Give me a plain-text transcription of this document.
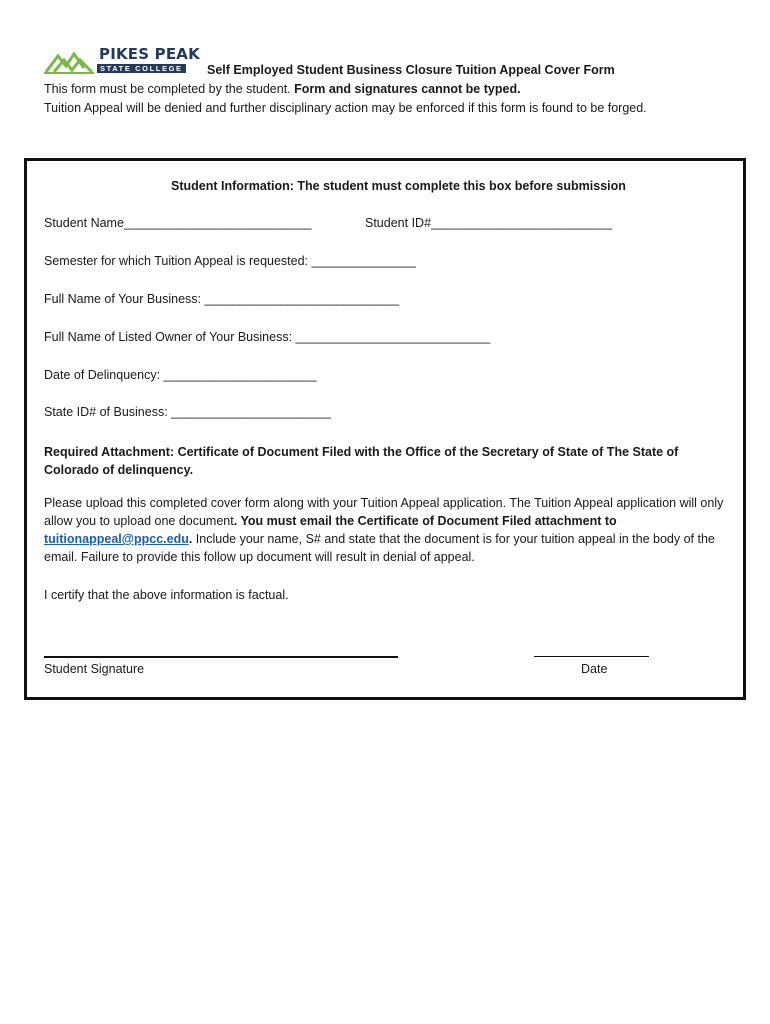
PIKES PEAK
STATE COLLEGE Self Employed Student Business Closure Tuition Appeal Cover Form
This form must be completed by the student. Form and signatures cannot be typed.
Tuition Appeal will be denied and further disciplinary action may be enforced if this form is found to be forged.
Student Information: The student must complete this box before submission
Student Name___________________________	Student ID#__________________________
Semester for which Tuition Appeal is requested: _______________
Full Name of Your Business: ____________________________
Full Name of Listed Owner of Your Business: ____________________________
Date of Delinquency: ______________________
State ID# of Business: _______________________
Required Attachment: Certificate of Document Filed with the Office of the Secretary of State of The State of Colorado of delinquency.
Please upload this completed cover form along with your Tuition Appeal application. The Tuition Appeal application will only allow you to upload one document. You must email the Certificate of Document Filed attachment to tuitionappeal@ppcc.edu. Include your name, S# and state that the document is for your tuition appeal in the body of the email. Failure to provide this follow up document will result in denial of appeal.
I certify that the above information is factual.
Student Signature	Date
